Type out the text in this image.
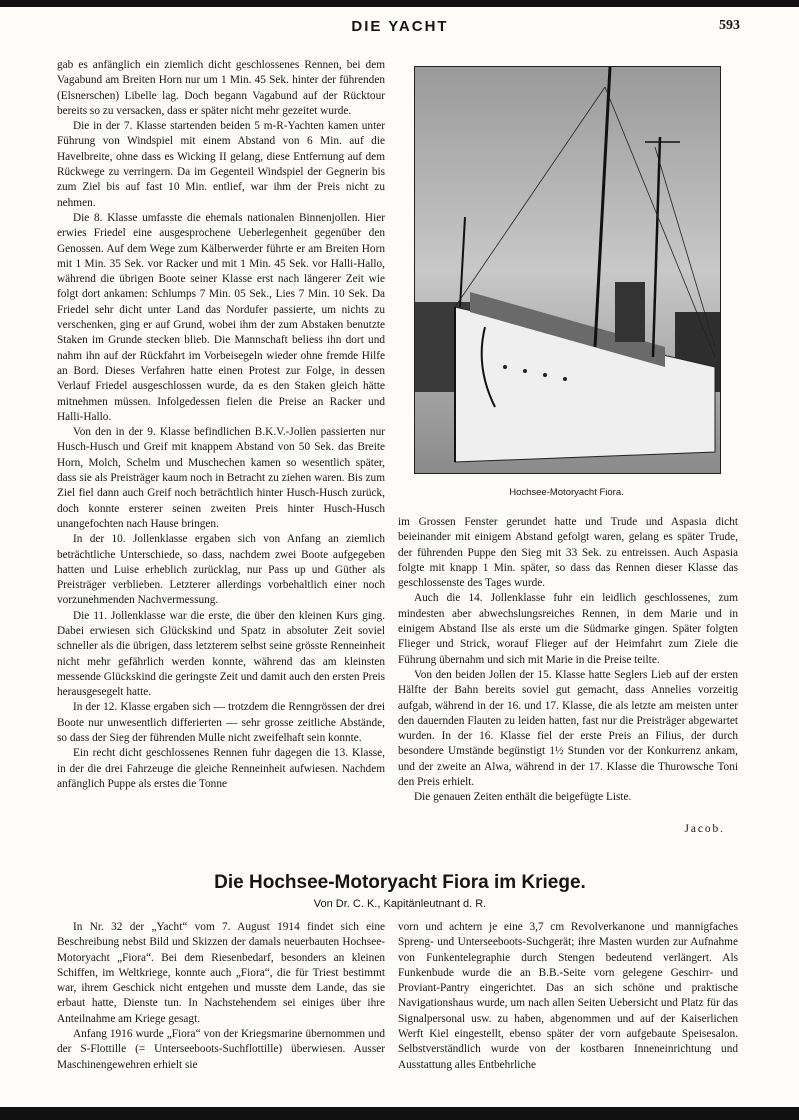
DIE YACHT	593

gab es anfänglich ein ziemlich dicht geschlossenes Rennen, bei dem Vagabund am Breiten Horn nur um 1 Min. 45 Sek. hinter der führenden (Elsnerschen) Libelle lag. Doch begann Vagabund auf der Rücktour bereits so zu versacken, dass er später nicht mehr gezeitet wurde.

Die in der 7. Klasse startenden beiden 5 m-R-Yachten kamen unter Führung von Windspiel mit einem Abstand von 6 Min. auf die Havelbreite, ohne dass es Wicking II gelang, diese Entfernung auf dem Rückwege zu verringern. Da im Gegenteil Windspiel der Gegnerin bis zum Ziel bis auf fast 10 Min. entlief, war ihm der Preis nicht zu nehmen.

Die 8. Klasse umfasste die ehemals nationalen Binnenjollen. Hier erwies Friedel eine ausgesprochene Ueberlegenheit gegenüber den Genossen. Auf dem Wege zum Kälberwerder führte er am Breiten Horn mit 1 Min. 35 Sek. vor Racker und mit 1 Min. 45 Sek. vor Halli-Hallo, während die übrigen Boote seiner Klasse erst nach längerer Zeit wie folgt dort ankamen: Schlumps 7 Min. 05 Sek., Lies 7 Min. 10 Sek. Da Friedel sehr dicht unter Land das Nordufer passierte, um nichts zu verschenken, ging er auf Grund, wobei ihm der zum Abstaken benutzte Staken im Grunde stecken blieb. Die Mannschaft beliess ihn dort und nahm ihn auf der Rückfahrt im Vorbeisegeln wieder ohne fremde Hilfe an Bord. Dieses Verfahren hatte einen Protest zur Folge, in dessen Verlauf Friedel ausgeschlossen wurde, da es den Staken gleich hätte mitnehmen müssen. Infolgedessen fielen die Preise an Racker und Halli-Hallo.

Von den in der 9. Klasse befindlichen B.K.V.-Jollen passierten nur Husch-Husch und Greif mit knappem Abstand von 50 Sek. das Breite Horn, Molch, Schelm und Muschechen kamen so wesentlich später, dass sie als Preisträger kaum noch in Betracht zu ziehen waren. Bis zum Ziel fiel dann auch Greif noch beträchtlich hinter Husch-Husch zurück, doch konnte ersterer seinen zweiten Preis hinter Husch-Husch unangefochten nach Hause bringen.

In der 10. Jollenklasse ergaben sich von Anfang an ziemlich beträchtliche Unterschiede, so dass, nachdem zwei Boote aufgegeben hatten und Luise erheblich zurücklag, nur Pass up und Güther als Preisträger verblieben. Letzterer allerdings vorbehaltlich einer noch vorzunehmenden Nachvermessung.

Die 11. Jollenklasse war die erste, die über den kleinen Kurs ging. Dabei erwiesen sich Glückskind und Spatz in absoluter Zeit soviel schneller als die übrigen, dass letzterem selbst seine grösste Renneinheit nicht mehr gefährlich werden konnte, während das am kleinsten messende Glückskind die geringste Zeit und damit auch den ersten Preis herausgesegelt hatte.

In der 12. Klasse ergaben sich — trotzdem die Renngrössen der drei Boote nur unwesentlich differierten — sehr grosse zeitliche Abstände, so dass der Sieg der führenden Mulle nicht zweifelhaft sein konnte.

Ein recht dicht geschlossenes Rennen fuhr dagegen die 13. Klasse, in der die drei Fahrzeuge die gleiche Renneinheit aufwiesen. Nachdem anfänglich Puppe als erstes die Tonne

Hochsee-Motoryacht Fiora.

im Grossen Fenster gerundet hatte und Trude und Aspasia dicht beieinander mit einigem Abstand gefolgt waren, gelang es später Trude, der führenden Puppe den Sieg mit 33 Sek. zu entreissen. Auch Aspasia folgte mit knapp 1 Min. später, so dass das Rennen dieser Klasse das geschlossenste des Tages wurde.

Auch die 14. Jollenklasse fuhr ein leidlich geschlossenes, zum mindesten aber abwechslungsreiches Rennen, in dem Marie und in einigem Abstand Ilse als erste um die Südmarke gingen. Später folgten Flieger und Strick, worauf Flieger auf der Heimfahrt zum Ziele die Führung übernahm und sich mit Marie in die Preise teilte.

Von den beiden Jollen der 15. Klasse hatte Seglers Lieb auf der ersten Hälfte der Bahn bereits soviel gut gemacht, dass Annelies vorzeitig aufgab, während in der 16. und 17. Klasse, die als letzte am meisten unter den dauernden Flauten zu leiden hatten, fast nur die Preisträger abgewartet wurden. In der 16. Klasse fiel der erste Preis an Filius, der durch besondere Umstände begünstigt 1½ Stunden vor der Konkurrenz ankam, und der zweite an Alwa, während in der 17. Klasse die Thurowsche Toni den Preis erhielt.

Die genauen Zeiten enthält die beigefügte Liste.

Jacob.
Die Hochsee-Motoryacht Fiora im Kriege.
Von Dr. C. K., Kapitänleutnant d. R.

In Nr. 32 der „Yacht“ vom 7. August 1914 findet sich eine Beschreibung nebst Bild und Skizzen der damals neuerbauten Hochsee-Motoryacht „Fiora“. Bei dem Riesenbedarf, besonders an kleinen Schiffen, im Weltkriege, konnte auch „Fiora“, die für Triest bestimmt war, ihrem Geschick nicht entgehen und musste dem Lande, das sie erbaut hatte, Dienste tun. In Nachstehendem sei einiges über ihre Anteilnahme am Kriege gesagt.

Anfang 1916 wurde „Fiora“ von der Kriegsmarine übernommen und der S-Flottille (= Unterseeboots-Suchflottille) überwiesen. Ausser Maschinengewehren erhielt sie

vorn und achtern je eine 3,7 cm Revolverkanone und mannigfaches Spreng- und Unterseeboots-Suchgerät; ihre Masten wurden zur Aufnahme von Funkentelegraphie durch Stengen bedeutend verlängert. Als Funkenbude wurde die an B.B.-Seite vorn gelegene Geschirr- und Proviant-Pantry eingerichtet. Das an sich schöne und praktische Navigationshaus wurde, um nach allen Seiten Uebersicht und Platz für das Signalpersonal usw. zu haben, abgenommen und auf der Kaiserlichen Werft Kiel eingestellt, ebenso später der vorn aufgebaute Speisesalon. Selbstverständlich wurde von der kostbaren Inneneinrichtung und Ausstattung alles Entbehrliche
